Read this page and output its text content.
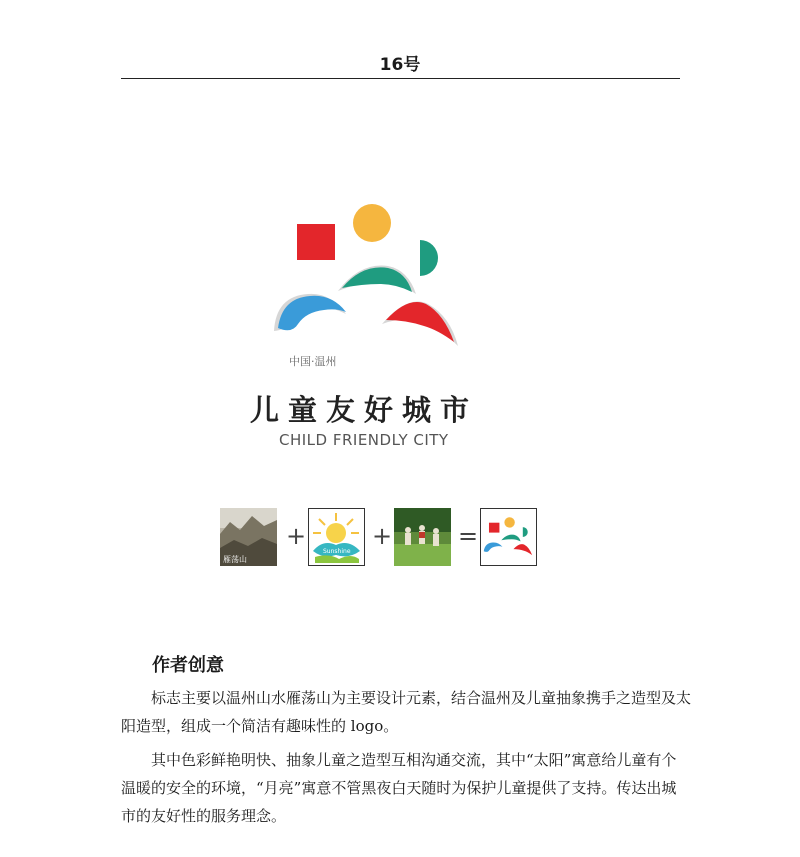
16号
中国·温州
儿童友好城市
CHILD FRIENDLY CITY
雁荡山
+
Sunshine
+	=
作者创意
标志主要以温州山水雁荡山为主要设计元素，结合温州及儿童抽象携手之造型及太阳造型，组成一个简洁有趣味性的 logo。
其中色彩鲜艳明快、抽象儿童之造型互相沟通交流，其中“太阳”寓意给儿童有个温暖的安全的环境，“月亮”寓意不管黑夜白天随时为保护儿童提供了支持。传达出城市的友好性的服务理念。
